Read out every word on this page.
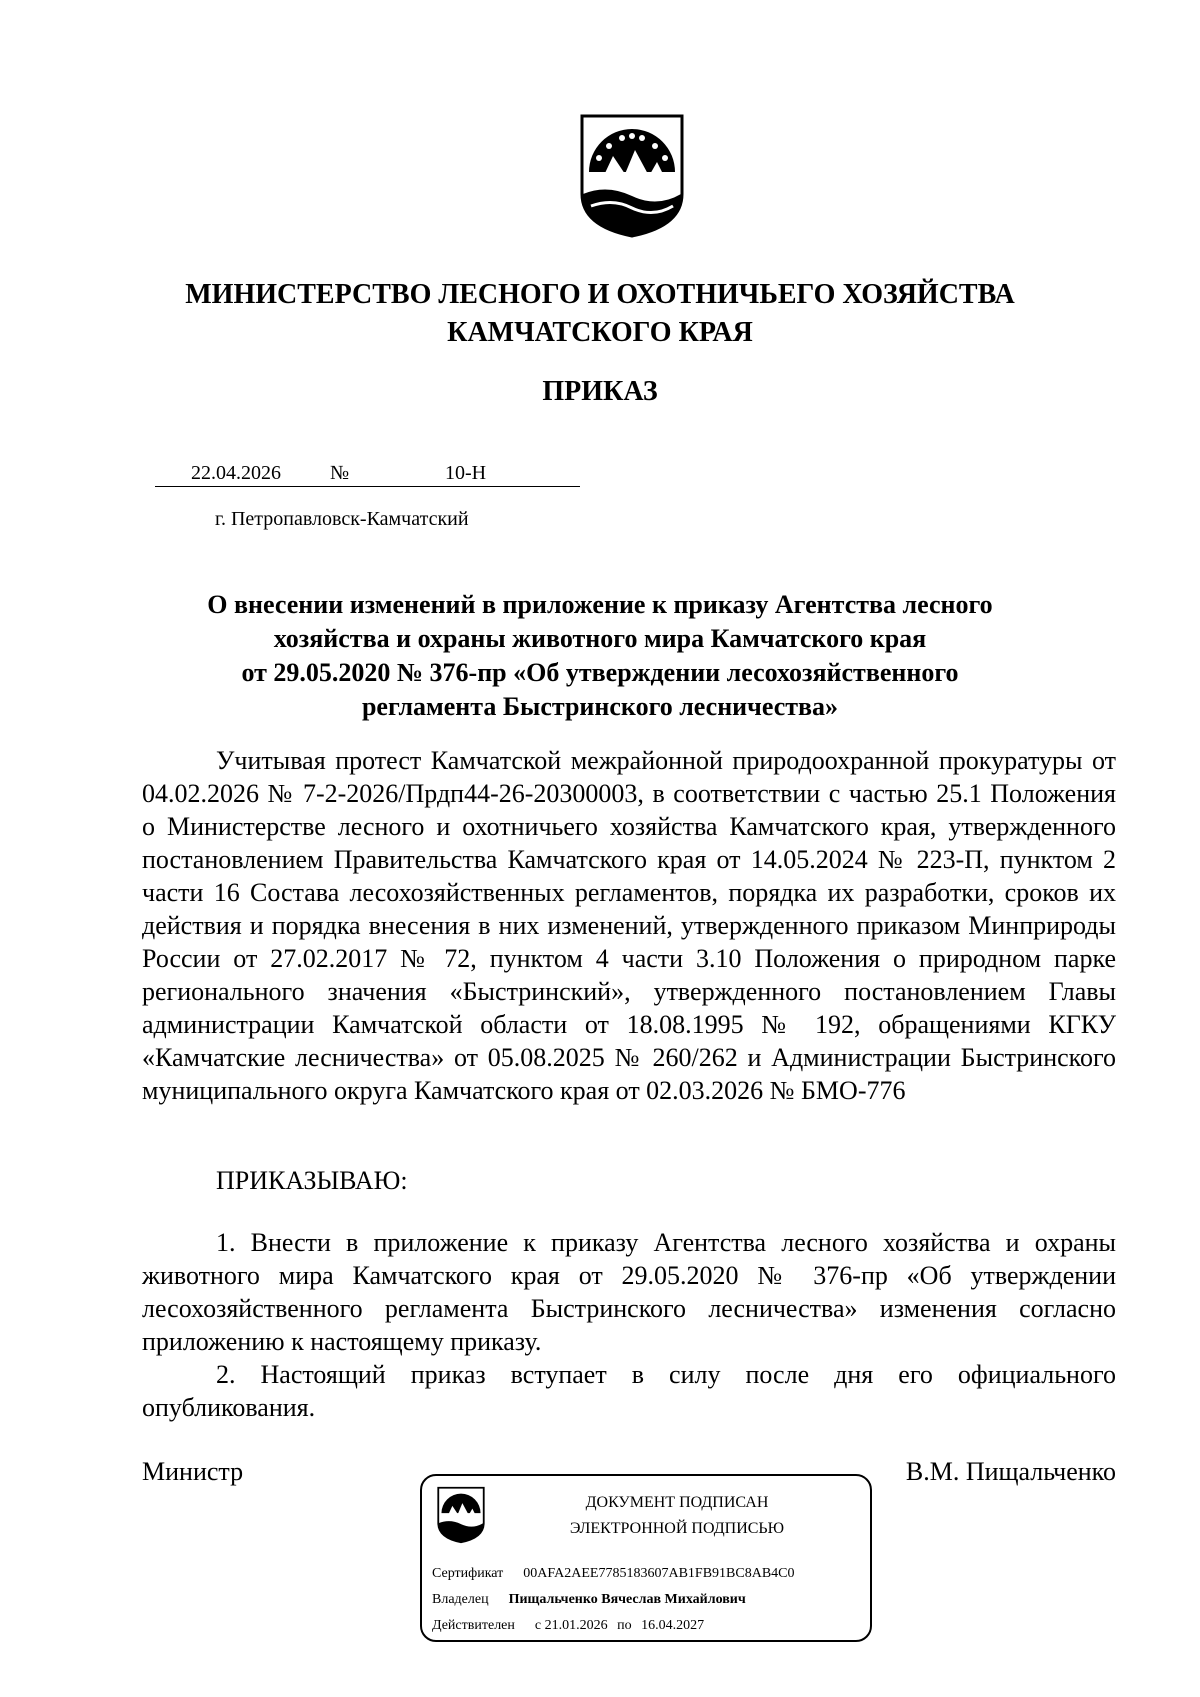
МИНИСТЕРСТВО ЛЕСНОГО И ОХОТНИЧЬЕГО ХОЗЯЙСТВА
КАМЧАТСКОГО КРАЯ
ПРИКАЗ
22.04.2026 №	10-Н
г. Петропавловск-Камчатский
О внесении изменений в приложение к приказу Агентства лесного
хозяйства и охраны животного мира Камчатского края
от 29.05.2020 № 376-пр «Об утверждении лесохозяйственного
регламента Быстринского лесничества»

Учитывая протест Камчатской межрайонной природоохранной прокуратуры от 04.02.2026 № 7-2-2026/Прдп44-26-20300003, в соответствии с частью 25.1 Положения о Министерстве лесного и охотничьего хозяйства Камчатского края, утвержденного постановлением Правительства Камчатского края от 14.05.2024 № 223-П, пунктом 2 части 16 Состава лесохозяйственных регламентов, порядка их разработки, сроков их действия и порядка внесения в них изменений, утвержденного приказом Минприроды России от 27.02.2017 № 72, пунктом 4 части 3.10 Положения о природном парке регионального значения «Быстринский», утвержденного постановлением Главы администрации Камчатской области от 18.08.1995 № 192, обращениями КГКУ «Камчатские лесничества» от 05.08.2025 № 260/262 и Администрации Быстринского муниципального округа Камчатского края от 02.03.2026 № БМО-776

ПРИКАЗЫВАЮ:

1. Внести в приложение к приказу Агентства лесного хозяйства и охраны животного мира Камчатского края от 29.05.2020 № 376-пр «Об утверждении лесохозяйственного регламента Быстринского лесничества» изменения согласно приложению к настоящему приказу.

2. Настоящий приказ вступает в силу после дня его официального опубликования.

Министр	В.М. Пищальченко
ДОКУМЕНТ ПОДПИСАН
ЭЛЕКТРОННОЙ ПОДПИСЬЮ
Сертификат 00AFA2AEE7785183607AB1FB91BC8AB4C0
Владелец Пищальченко Вячеслав Михайлович
Действителен с 21.01.2026 по 16.04.2027
